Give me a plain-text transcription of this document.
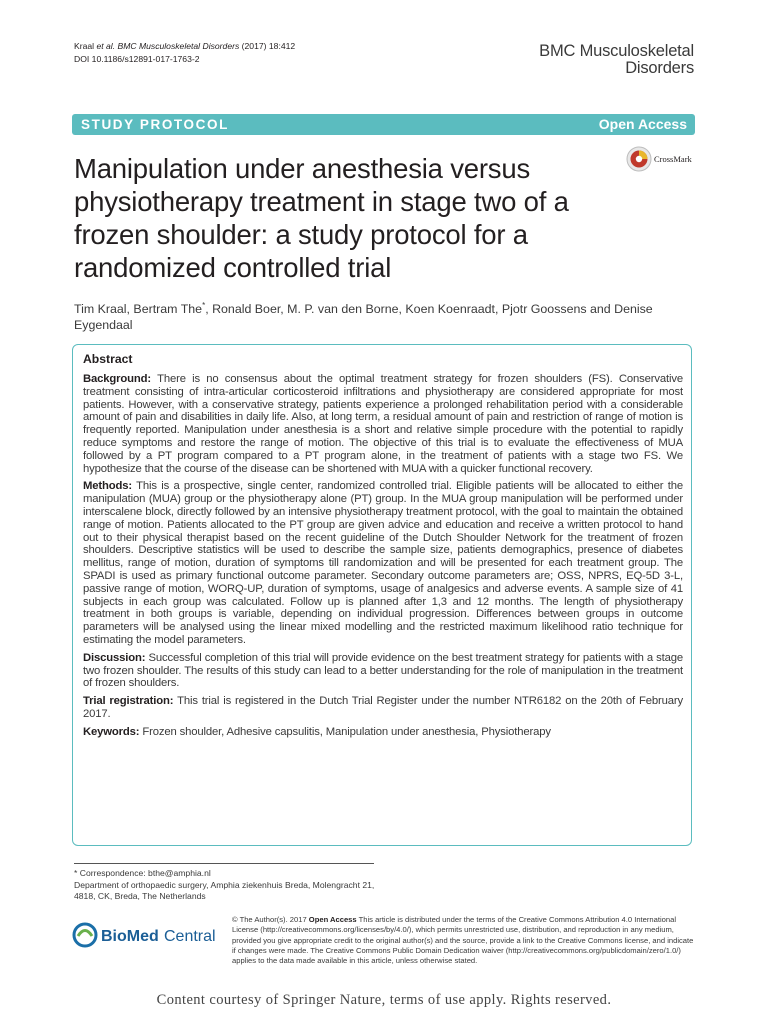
Kraal et al. BMC Musculoskeletal Disorders (2017) 18:412
DOI 10.1186/s12891-017-1763-2	BMC Musculoskeletal
Disorders
STUDY PROTOCOL	Open Access
CrossMark
Manipulation under anesthesia versus physiotherapy treatment in stage two of a frozen shoulder: a study protocol for a randomized controlled trial
Tim Kraal, Bertram The*, Ronald Boer, M. P. van den Borne, Koen Koenraadt, Pjotr Goossens and Denise Eygendaal
Abstract

Background: There is no consensus about the optimal treatment strategy for frozen shoulders (FS). Conservative treatment consisting of intra-articular corticosteroid infiltrations and physiotherapy are considered appropriate for most patients. However, with a conservative strategy, patients experience a prolonged rehabilitation period with a considerable amount of pain and disabilities in daily life. Also, at long term, a residual amount of pain and restriction of range of motion is frequently reported. Manipulation under anesthesia is a short and relative simple procedure with the potential to rapidly reduce symptoms and restore the range of motion. The objective of this trial is to evaluate the effectiveness of MUA followed by a PT program compared to a PT program alone, in the treatment of patients with a stage two FS. We hypothesize that the course of the disease can be shortened with MUA with a quicker functional recovery.

Methods: This is a prospective, single center, randomized controlled trial. Eligible patients will be allocated to either the manipulation (MUA) group or the physiotherapy alone (PT) group. In the MUA group manipulation will be performed under interscalene block, directly followed by an intensive physiotherapy treatment protocol, with the goal to maintain the obtained range of motion. Patients allocated to the PT group are given advice and education and receive a written protocol to hand out to their physical therapist based on the recent guideline of the Dutch Shoulder Network for the treatment of frozen shoulders. Descriptive statistics will be used to describe the sample size, patients demographics, presence of diabetes mellitus, range of motion, duration of symptoms till randomization and will be presented for each treatment group. The SPADI is used as primary functional outcome parameter. Secondary outcome parameters are; OSS, NPRS, EQ-5D 3-L, passive range of motion, WORQ-UP, duration of symptoms, usage of analgesics and adverse events. A sample size of 41 subjects in each group was calculated. Follow up is planned after 1,3 and 12 months. The length of physiotherapy treatment in both groups is variable, depending on individual progression. Differences between groups in outcome parameters will be analysed using the linear mixed modelling and the restricted maximum likelihood ratio technique for estimating the model parameters.

Discussion: Successful completion of this trial will provide evidence on the best treatment strategy for patients with a stage two frozen shoulder. The results of this study can lead to a better understanding for the role of manipulation in the treatment of frozen shoulders.

Trial registration: This trial is registered in the Dutch Trial Register under the number NTR6182 on the 20th of February 2017.

Keywords: Frozen shoulder, Adhesive capsulitis, Manipulation under anesthesia, Physiotherapy

* Correspondence: bthe@amphia.nl
Department of orthopaedic surgery, Amphia ziekenhuis Breda, Molengracht 21, 4818, CK, Breda, The Netherlands
BioMed Central
© The Author(s). 2017 Open Access This article is distributed under the terms of the Creative Commons Attribution 4.0 International License (http://creativecommons.org/licenses/by/4.0/), which permits unrestricted use, distribution, and reproduction in any medium, provided you give appropriate credit to the original author(s) and the source, provide a link to the Creative Commons license, and indicate if changes were made. The Creative Commons Public Domain Dedication waiver (http://creativecommons.org/publicdomain/zero/1.0/) applies to the data made available in this article, unless otherwise stated.
Content courtesy of Springer Nature, terms of use apply. Rights reserved.
